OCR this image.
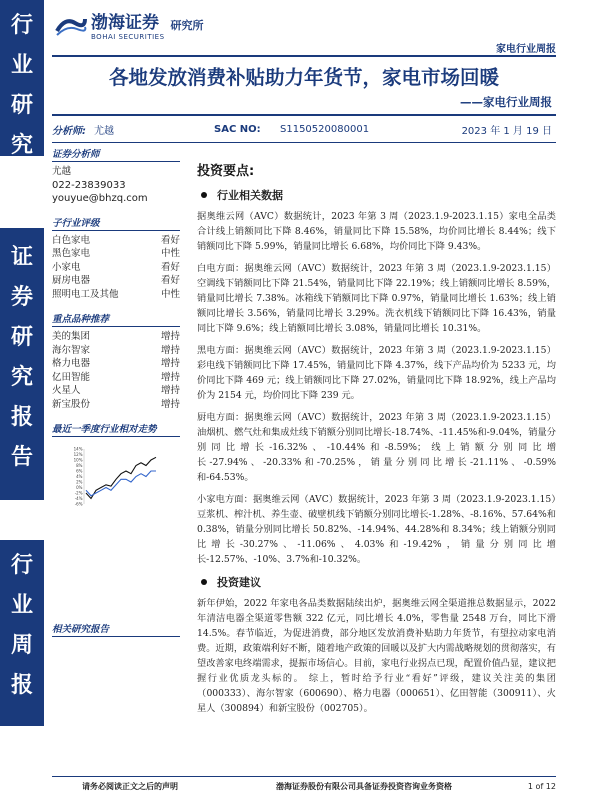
行
业
研
究
证
券
研
究
报
告
行
业
周
报
渤海证券
BOHAI SECURITIES
研究所
家电行业周报
各地发放消费补贴助力年货节，家电市场回暖
——家电行业周报
分析师: 尤越	SAC NO:	S1150520080001	2023 年 1 月 19 日
证券分析师
尤越
022-23839033
youyue@bhzq.com
子行业评级
白色家电	看好
黑色家电	中性
小家电	看好
厨房电器	看好
照明电工及其他	中性
重点品种推荐
美的集团	增持
海尔智家	增持
格力电器	增持
亿田智能	增持
火星人	增持
新宝股份	增持
最近一季度行业相对走势
14%
12%
10%
8%
6%
4%
2%
0%
-2%
-4%
-6%
相关研究报告
投资要点:
行业相关数据
据奥维云网（AVC）数据统计，2023 年第 3 周（2023.1.9-2023.1.15）家电全品类合计线上销额同比下降 8.46%，销量同比下降 15.58%，均价同比增长 8.44%；线下销额同比下降 5.99%，销量同比增长 6.68%，均价同比下降 9.43%。
白电方面：据奥维云网（AVC）数据统计，2023 年第 3 周（2023.1.9-2023.1.15）空调线下销额同比下降 21.54%，销量同比下降 22.19%；线上销额同比增长 8.59%，销量同比增长 7.38%。冰箱线下销额同比下降 0.97%，销量同比增长 1.63%；线上销额同比增长 3.56%，销量同比增长 3.29%。洗衣机线下销额同比下降 16.43%，销量同比下降 9.6%；线上销额同比增长 3.08%，销量同比增长 10.31%。
黑电方面：据奥维云网（AVC）数据统计，2023 年第 3 周（2023.1.9-2023.1.15）彩电线下销额同比下降 17.45%，销量同比下降 4.37%，线下产品均价为 5233 元，均价同比下降 469 元；线上销额同比下降 27.02%，销量同比下降 18.92%，线上产品均价为 2154 元，均价同比下降 239 元。
厨电方面：据奥维云网（AVC）数据统计，2023 年第 3 周（2023.1.9-2023.1.15）油烟机、燃气灶和集成灶线下销额分别同比增长-18.74%、-11.45%和-9.04%，销量分别同比增长-16.32%、-10.44%和-8.59%；线上销额分别同比增长-27.94%、-20.33%和-70.25%，销量分别同比增长-21.11%、-0.59%和-64.53%。
小家电方面：据奥维云网（AVC）数据统计，2023 年第 3 周（2023.1.9-2023.1.15）豆浆机、榨汁机、养生壶、破壁机线下销额分别同比增长-1.28%、-8.16%、57.64%和 0.38%，销量分别同比增长 50.82%、-14.94%、44.28%和 8.34%；线上销额分别同比增长-30.27%、-11.06%、4.03%和-19.42%，销量分别同比增长-12.57%、-10%、3.7%和-10.32%。
投资建议
新年伊始，2022 年家电各品类数据陆续出炉，据奥维云网全渠道推总数据显示，2022 年清洁电器全渠道零售额 322 亿元，同比增长 4.0%，零售量 2548 万台，同比下滑 14.5%。春节临近，为促进消费，部分地区发放消费补贴助力年货节，有望拉动家电消费。近期，政策端利好不断，随着地产政策的回暖以及扩大内需战略规划的贯彻落实，有望改善家电终端需求，提振市场信心。目前，家电行业拐点已现，配置价值凸显，建议把握行业优质龙头标的。 综上，暂时给予行业“看好”评级，建议关注美的集团（000333）、海尔智家（600690）、格力电器（000651）、亿田智能（300911）、火星人（300894）和新宝股份（002705）。
请务必阅读正文之后的声明	渤海证券股份有限公司具备证券投资咨询业务资格	1 of 12
